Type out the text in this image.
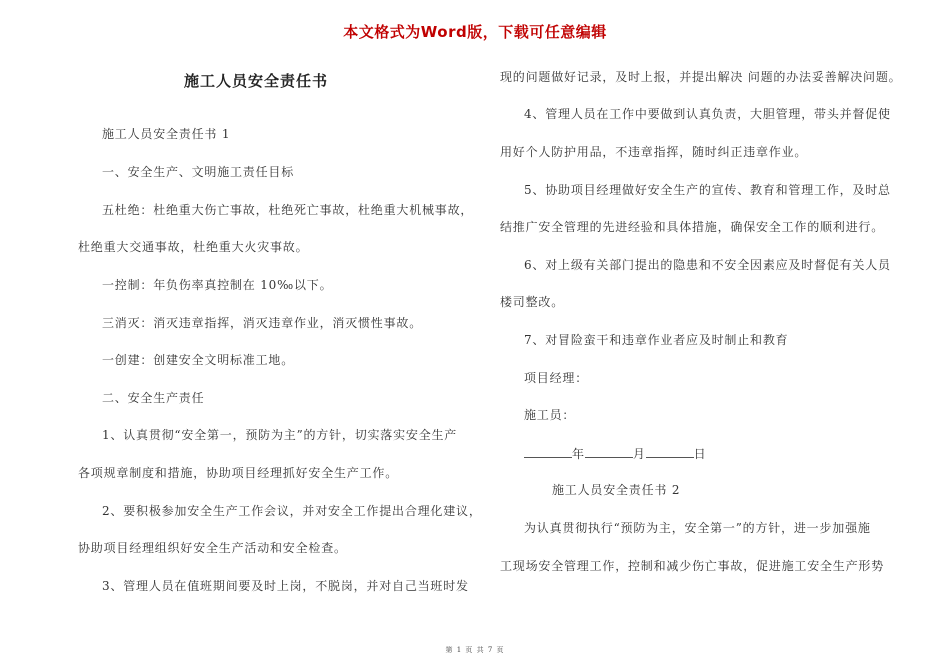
本文格式为Word版，下载可任意编辑
施工人员安全责任书
施工人员安全责任书 1
一、安全生产、文明施工责任目标
五杜绝：杜绝重大伤亡事故，杜绝死亡事故，杜绝重大机械事故，
杜绝重大交通事故，杜绝重大火灾事故。
一控制：年负伤率真控制在 10‰以下。
三消灭：消灭违章指挥，消灭违章作业，消灭惯性事故。
一创建：创建安全文明标准工地。
二、安全生产责任
1、认真贯彻“安全第一，预防为主”的方针，切实落实安全生产
各项规章制度和措施，协助项目经理抓好安全生产工作。
2、要积极参加安全生产工作会议，并对安全工作提出合理化建议，
协助项目经理组织好安全生产活动和安全检查。
3、管理人员在值班期间要及时上岗，不脱岗，并对自己当班时发
现的问题做好记录，及时上报，并提出解决 问题的办法妥善解决问题。
4、管理人员在工作中要做到认真负责，大胆管理，带头并督促使
用好个人防护用品，不违章指挥，随时纠正违章作业。
5、协助项目经理做好安全生产的宣传、教育和管理工作，及时总
结推广安全管理的先进经验和具体措施，确保安全工作的顺利进行。
6、对上级有关部门提出的隐患和不安全因素应及时督促有关人员
楼司整改。
7、对冒险蛮干和违章作业者应及时制止和教育
项目经理：
施工员：
年	月	日
施工人员安全责任书 2
为认真贯彻执行“预防为主，安全第一”的方针，进一步加强施
工现场安全管理工作，控制和减少伤亡事故，促进施工安全生产形势
第 1 页 共 7 页
